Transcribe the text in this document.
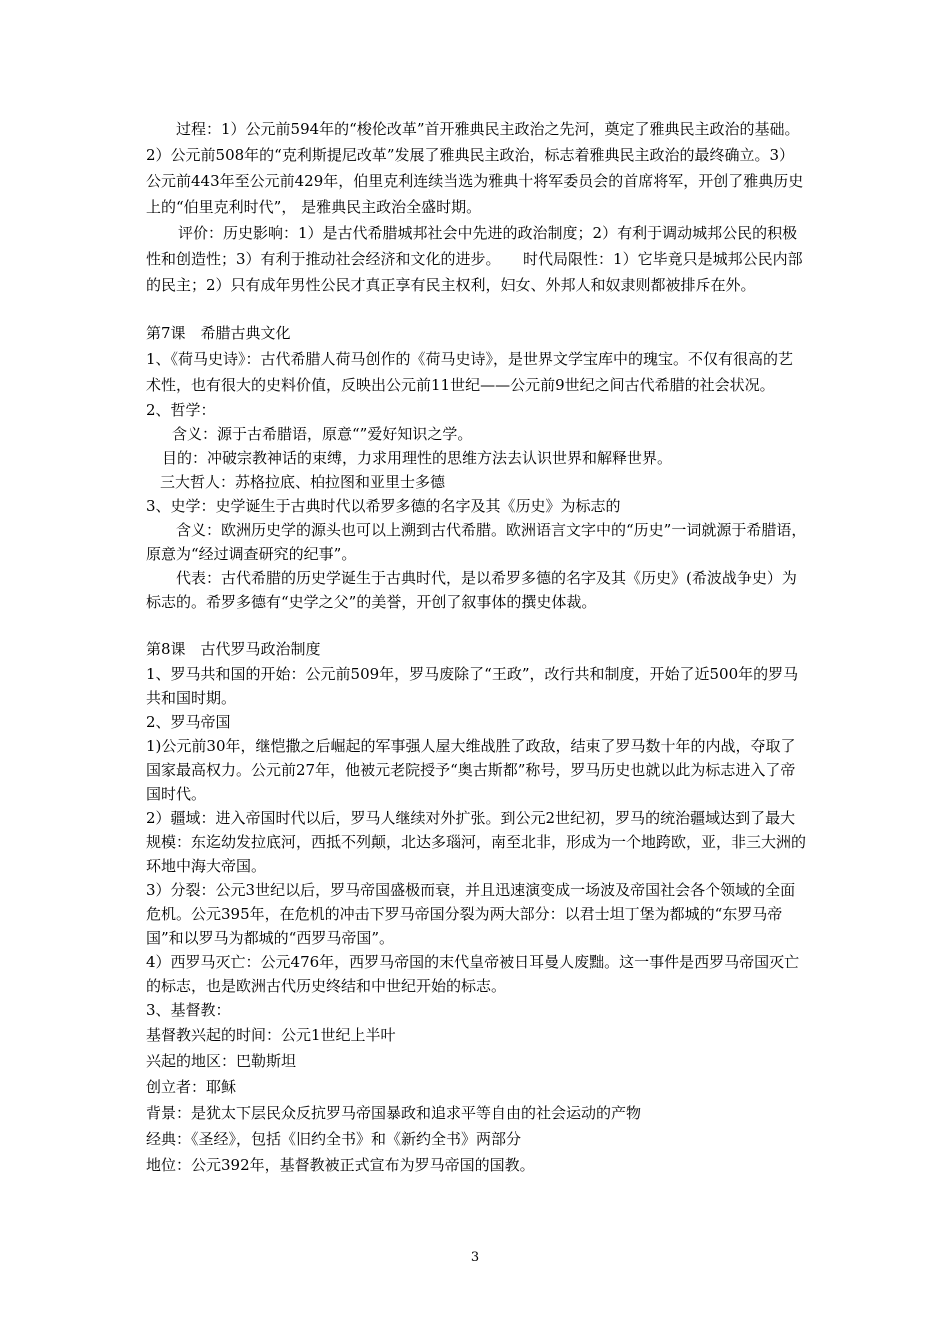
过程：1）公元前594年的“梭伦改革”首开雅典民主政治之先河，奠定了雅典民主政治的基础。2）公元前508年的“克利斯提尼改革”发展了雅典民主政治，标志着雅典民主政治的最终确立。3）公元前443年至公元前429年，伯里克利连续当选为雅典十将军委员会的首席将军，开创了雅典历史上的“伯里克利时代”， 是雅典民主政治全盛时期。

评价：历史影响：1）是古代希腊城邦社会中先进的政治制度；2）有利于调动城邦公民的积极性和创造性；3）有利于推动社会经济和文化的进步。　　时代局限性：1）它毕竟只是城邦公民内部的民主；2）只有成年男性公民才真正享有民主权利，妇女、外邦人和奴隶则都被排斥在外。

第7课　希腊古典文化

1、《荷马史诗》：古代希腊人荷马创作的《荷马史诗》，是世界文学宝库中的瑰宝。不仅有很高的艺术性，也有很大的史料价值，反映出公元前11世纪——公元前9世纪之间古代希腊的社会状况。

2、哲学：

含义：源于古希腊语，原意“”爱好知识之学。

目的：冲破宗教神话的束缚，力求用理性的思维方法去认识世界和解释世界。

三大哲人：苏格拉底、柏拉图和亚里士多德

3、史学：史学诞生于古典时代以希罗多德的名字及其《历史》为标志的

含义：欧洲历史学的源头也可以上溯到古代希腊。欧洲语言文字中的“历史”一词就源于希腊语，原意为“经过调查研究的纪事”。

代表：古代希腊的历史学诞生于古典时代，是以希罗多德的名字及其《历史》(希波战争史）为标志的。希罗多德有“史学之父”的美誉，开创了叙事体的撰史体裁。

第8课　古代罗马政治制度

1、罗马共和国的开始：公元前509年，罗马废除了“王政”，改行共和制度，开始了近500年的罗马共和国时期。

2、罗马帝国

1)公元前30年，继恺撒之后崛起的军事强人屋大维战胜了政敌，结束了罗马数十年的内战，夺取了国家最高权力。公元前27年，他被元老院授予“奥古斯都”称号，罗马历史也就以此为标志进入了帝国时代。

2）疆域：进入帝国时代以后，罗马人继续对外扩张。到公元2世纪初，罗马的统治疆域达到了最大规模：东迄幼发拉底河，西抵不列颠，北达多瑙河，南至北非，形成为一个地跨欧，亚，非三大洲的环地中海大帝国。

3）分裂：公元3世纪以后，罗马帝国盛极而衰，并且迅速演变成一场波及帝国社会各个领域的全面危机。公元395年，在危机的冲击下罗马帝国分裂为两大部分：以君士坦丁堡为都城的“东罗马帝国”和以罗马为都城的“西罗马帝国”。

4）西罗马灭亡：公元476年，西罗马帝国的末代皇帝被日耳曼人废黜。这一事件是西罗马帝国灭亡的标志，也是欧洲古代历史终结和中世纪开始的标志。

3、基督教：

基督教兴起的时间：公元1世纪上半叶

兴起的地区：巴勒斯坦

创立者：耶稣

背景：是犹太下层民众反抗罗马帝国暴政和追求平等自由的社会运动的产物

经典：《圣经》，包括《旧约全书》和《新约全书》两部分

地位：公元392年，基督教被正式宣布为罗马帝国的国教。

3
